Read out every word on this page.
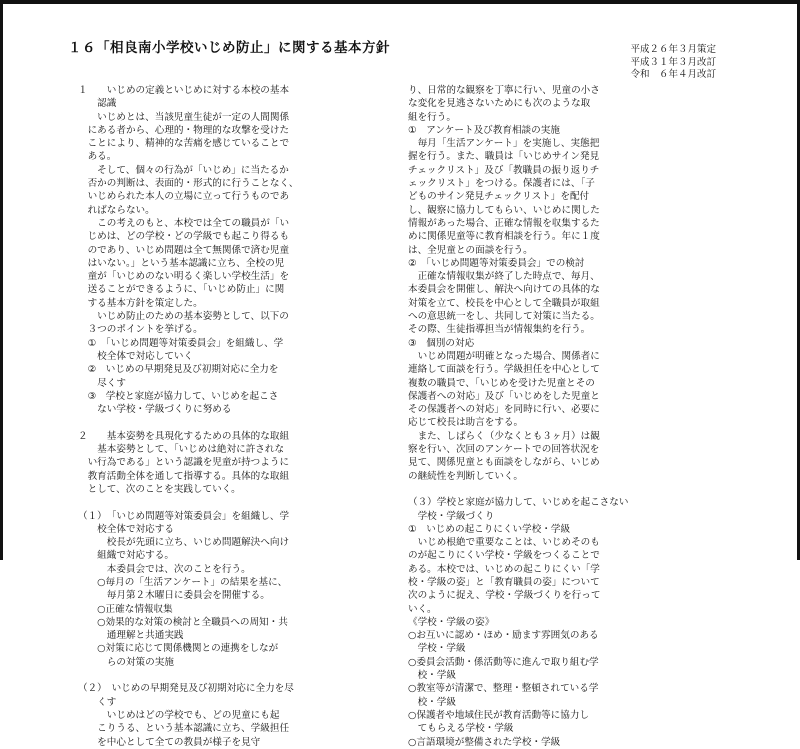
１６「相良南小学校いじめ防止」に関する基本方針	平成２６年３月策定
平成３１年３月改訂
令和　６年４月改訂
１　　いじめの定義といじめに対する本校の基本
　　認識
　　いじめとは、当該児童生徒が一定の人間関係
　にある者から、心理的・物理的な攻撃を受けた
　ことにより、精神的な苦痛を感じていることで
　ある。
　　そして、個々の行為が「いじめ」に当たるか
　否かの判断は、表面的・形式的に行うことなく、
　いじめられた本人の立場に立って行うものであ
　ればならない。
　　この考えのもと、本校では全ての職員が「い
　じめは、どの学校・どの学級でも起こり得るも
　のであり、いじめ問題は全て無関係で済む児童
　はいない。」という基本認識に立ち、全校の児
　童が「いじめのない明るく楽しい学校生活」を
　送ることができるように、「いじめ防止」に関
　する基本方針を策定した。
　　いじめ防止のための基本姿勢として、以下の
　３つのポイントを挙げる。
　①　「いじめ問題等対策委員会」を組織し、学
　　校全体で対応していく
　②　いじめの早期発見及び初期対応に全力を
　　尽くす
　③　学校と家庭が協力して、いじめを起こさ
　　ない学校・学級づくりに努める
２　　基本姿勢を具現化するための具体的な取組
　　基本姿勢として、「いじめは絶対に許されな
　い行為である」という認識を児童が持つように
　教育活動全体を通して指導する。具体的な取組
　として、次のことを実践していく。
（１）　「いじめ問題等対策委員会」を組織し、学
　　校全体で対応する
　　　校長が先頭に立ち、いじめ問題解決へ向け
　　組織で対応する。
　　　本委員会では、次のことを行う。
　　○毎月の「生活アンケート」の結果を基に、
　　　毎月第２木曜日に委員会を開催する。
　　○正確な情報収集
　　○効果的な対策の検討と全職員への周知・共
　　　通理解と共通実践
　　○対策に応じて関係機関との連携をしなが
　　　らの対策の実施
（２）　いじめの早期発見及び初期対応に全力を尽
　　くす
　　　いじめはどの学校でも、どの児童にも起
　　こりうる、という基本認識に立ち、学級担任
　　を中心として全ての教員が様子を見守
り、日常的な観察を丁寧に行い、児童の小さ
な変化を見逃さないためにも次のような取
組を行う。
①　アンケート及び教育相談の実施
　毎月「生活アンケート」を実施し、実態把
握を行う。また、職員は「いじめサイン発見
チェックリスト」及び「教職員の振り返りチ
ェックリスト」をつける。保護者には、「子
どものサイン発見チェックリスト」を配付
し、観察に協力してもらい、いじめに関した
情報があった場合、正確な情報を収集するた
めに関係児童等に教育相談を行う。年に１度
は、全児童との面談を行う。
②　「いじめ問題等対策委員会」での検討
　正確な情報収集が終了した時点で、毎月、
本委員会を開催し、解決へ向けての具体的な
対策を立て、校長を中心として全職員が取組
への意思統一をし、共同して対策に当たる。
その際、生徒指導担当が情報集約を行う。
③　個別の対応
　いじめ問題が明確となった場合、関係者に
連絡して面談を行う。学級担任を中心として
複数の職員で、「いじめを受けた児童とその
保護者への対応」及び「いじめをした児童と
その保護者への対応」を同時に行い、必要に
応じて校長は助言をする。
　また、しばらく（少なくとも３ヶ月）は観
察を行い、次回のアンケートでの回答状況を
見て、関係児童とも面談をしながら、いじめ
の継続性を判断していく。
（３）学校と家庭が協力して、いじめを起こさない
　学校・学級づくり
①　いじめの起こりにくい学校・学級
　いじめ根絶で重要なことは、いじめそのも
のが起こりにくい学校・学級をつくることで
ある。本校では、いじめの起こりにくい「学
校・学級の姿」と「教育職員の姿」について
次のように捉え、学校・学級づくりを行って
いく。
《学校・学級の姿》
○お互いに認め・ほめ・励ます雰囲気のある
　学校・学級
○委員会活動・係活動等に進んで取り組む学
　校・学級
○教室等が清潔で、整理・整頓されている学
　校・学級
○保護者や地域住民が教育活動等に協力し
　てもらえる学校・学級
○言語環境が整備された学校・学級
